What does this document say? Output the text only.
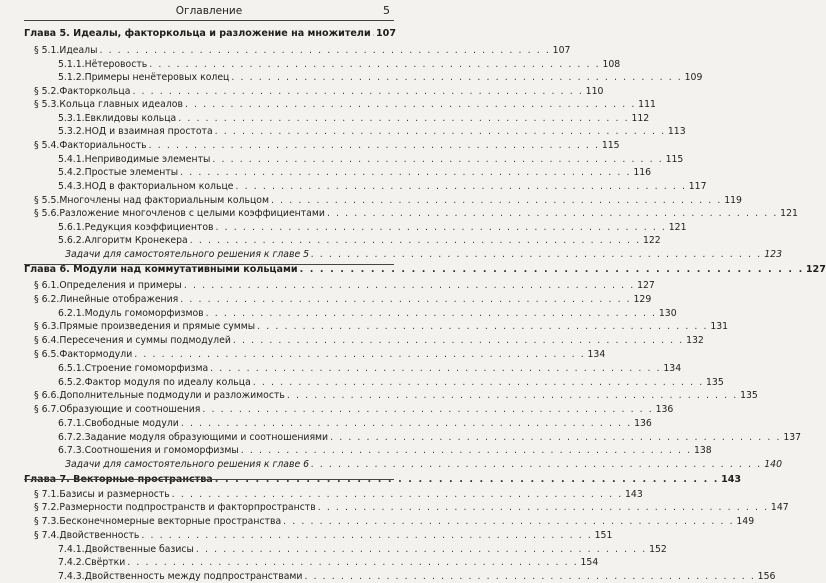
Оглавление	5
Глава 5. Идеалы, факторкольца и разложение на множители 107
§ 5.1. Идеалы . . . . . . . . . . . . . . . . . . . . . . . . . . . . . . . . . . . . . . . . . . . . . . . . . . 107
5.1.1. Нётеровость . . . . . . . . . . . . . . . . . . . . . . . . . . . . . . . . . . . . . . . . . . . . . . . . . . 108
5.1.2. Примеры ненётеровых колец . . . . . . . . . . . . . . . . . . . . . . . . . . . . . . . . . . . . . . . . . . . . . . . . . . 109
§ 5.2. Факторкольца . . . . . . . . . . . . . . . . . . . . . . . . . . . . . . . . . . . . . . . . . . . . . . . . . . 110
§ 5.3. Кольца главных идеалов . . . . . . . . . . . . . . . . . . . . . . . . . . . . . . . . . . . . . . . . . . . . . . . . . . 111
5.3.1. Евклидовы кольца . . . . . . . . . . . . . . . . . . . . . . . . . . . . . . . . . . . . . . . . . . . . . . . . . . 112
5.3.2. НОД и взаимная простота . . . . . . . . . . . . . . . . . . . . . . . . . . . . . . . . . . . . . . . . . . . . . . . . . . 113
§ 5.4. Факториальность . . . . . . . . . . . . . . . . . . . . . . . . . . . . . . . . . . . . . . . . . . . . . . . . . . 115
5.4.1. Неприводимые элементы . . . . . . . . . . . . . . . . . . . . . . . . . . . . . . . . . . . . . . . . . . . . . . . . . . 115
5.4.2. Простые элементы . . . . . . . . . . . . . . . . . . . . . . . . . . . . . . . . . . . . . . . . . . . . . . . . . . 116
5.4.3. НОД в факториальном кольце . . . . . . . . . . . . . . . . . . . . . . . . . . . . . . . . . . . . . . . . . . . . . . . . . . 117
§ 5.5. Многочлены над факториальным кольцом . . . . . . . . . . . . . . . . . . . . . . . . . . . . . . . . . . . . . . . . . . . . . . . . . . 119
§ 5.6. Разложение многочленов с целыми коэффициентами . . . . . . . . . . . . . . . . . . . . . . . . . . . . . . . . . . . . . . . . . . . . . . . . . . 121
5.6.1. Редукция коэффициентов . . . . . . . . . . . . . . . . . . . . . . . . . . . . . . . . . . . . . . . . . . . . . . . . . . 121
5.6.2. Алгоритм Кронекера . . . . . . . . . . . . . . . . . . . . . . . . . . . . . . . . . . . . . . . . . . . . . . . . . . 122
Задачи для самостоятельного решения к главе 5 . . . . . . . . . . . . . . . . . . . . . . . . . . . . . . . . . . . . . . . . . . . . . . . . . . 123
Глава 6. Модули над коммутативными кольцами . . . . . . . . . . . . . . . . . . . . . . . . . . . . . . . . . . . . . . . . . . . . . . . . . . 127
§ 6.1. Определения и примеры . . . . . . . . . . . . . . . . . . . . . . . . . . . . . . . . . . . . . . . . . . . . . . . . . . 127
§ 6.2. Линейные отображения . . . . . . . . . . . . . . . . . . . . . . . . . . . . . . . . . . . . . . . . . . . . . . . . . . 129
6.2.1. Модуль гомоморфизмов . . . . . . . . . . . . . . . . . . . . . . . . . . . . . . . . . . . . . . . . . . . . . . . . . . 130
§ 6.3. Прямые произведения и прямые суммы . . . . . . . . . . . . . . . . . . . . . . . . . . . . . . . . . . . . . . . . . . . . . . . . . . 131
§ 6.4. Пересечения и суммы подмодулей . . . . . . . . . . . . . . . . . . . . . . . . . . . . . . . . . . . . . . . . . . . . . . . . . . 132
§ 6.5. Фактормодули . . . . . . . . . . . . . . . . . . . . . . . . . . . . . . . . . . . . . . . . . . . . . . . . . . 134
6.5.1. Строение гомоморфизма . . . . . . . . . . . . . . . . . . . . . . . . . . . . . . . . . . . . . . . . . . . . . . . . . . 134
6.5.2. Фактор модуля по идеалу кольца . . . . . . . . . . . . . . . . . . . . . . . . . . . . . . . . . . . . . . . . . . . . . . . . . . 135
§ 6.6. Дополнительные подмодули и разложимость . . . . . . . . . . . . . . . . . . . . . . . . . . . . . . . . . . . . . . . . . . . . . . . . . . 135
§ 6.7. Образующие и соотношения . . . . . . . . . . . . . . . . . . . . . . . . . . . . . . . . . . . . . . . . . . . . . . . . . . 136
6.7.1. Свободные модули . . . . . . . . . . . . . . . . . . . . . . . . . . . . . . . . . . . . . . . . . . . . . . . . . . 136
6.7.2. Задание модуля образующими и соотношениями . . . . . . . . . . . . . . . . . . . . . . . . . . . . . . . . . . . . . . . . . . . . . . . . . . 137
6.7.3. Соотношения и гомоморфизмы . . . . . . . . . . . . . . . . . . . . . . . . . . . . . . . . . . . . . . . . . . . . . . . . . . 138
Задачи для самостоятельного решения к главе 6 . . . . . . . . . . . . . . . . . . . . . . . . . . . . . . . . . . . . . . . . . . . . . . . . . . 140
Глава 7. Векторные пространства . . . . . . . . . . . . . . . . . . . . . . . . . . . . . . . . . . . . . . . . . . . . . . . . . . 143
§ 7.1. Базисы и размерность . . . . . . . . . . . . . . . . . . . . . . . . . . . . . . . . . . . . . . . . . . . . . . . . . . 143
§ 7.2. Размерности подпространств и факторпространств . . . . . . . . . . . . . . . . . . . . . . . . . . . . . . . . . . . . . . . . . . . . . . . . . . 147
§ 7.3. Бесконечномерные векторные пространства . . . . . . . . . . . . . . . . . . . . . . . . . . . . . . . . . . . . . . . . . . . . . . . . . . 149
§ 7.4. Двойственность . . . . . . . . . . . . . . . . . . . . . . . . . . . . . . . . . . . . . . . . . . . . . . . . . . 151
7.4.1. Двойственные базисы . . . . . . . . . . . . . . . . . . . . . . . . . . . . . . . . . . . . . . . . . . . . . . . . . . 152
7.4.2. Свёртки . . . . . . . . . . . . . . . . . . . . . . . . . . . . . . . . . . . . . . . . . . . . . . . . . . 154
7.4.3. Двойственность между подпространствами . . . . . . . . . . . . . . . . . . . . . . . . . . . . . . . . . . . . . . . . . . . . . . . . . . 156
